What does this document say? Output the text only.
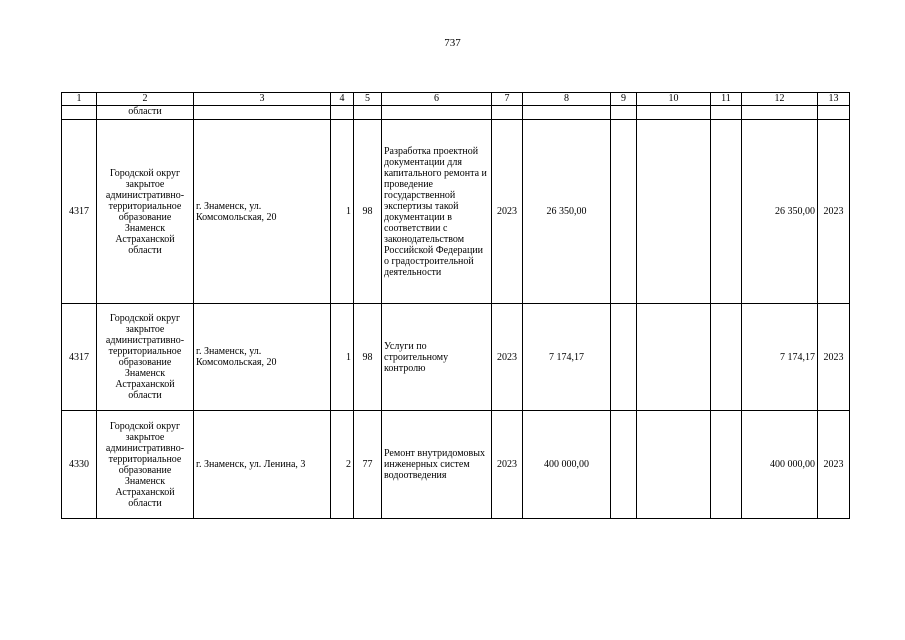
737
1	2	3	4	5	6	7	8	9	10	11	12	13
	области											
4317	Городской округ закрытое административно-территориальное образование Знаменск Астраханской области	г. Знаменск, ул. Комсомольская, 20	1	98	Разработка проектной документации для капитального ремонта и проведение государственной экспертизы такой документации в соответствии с законодательством Российской Федерации о градостроительной деятельности	2023	26 350,00				26 350,00	2023
4317	Городской округ закрытое административно-территориальное образование Знаменск Астраханской области	г. Знаменск, ул. Комсомольская, 20	1	98	Услуги по строительному контролю	2023	7 174,17				7 174,17	2023
4330	Городской округ закрытое административно-территориальное образование Знаменск Астраханской области	г. Знаменск, ул. Ленина, 3	2	77	Ремонт внутридомовых инженерных систем водоотведения	2023	400 000,00				400 000,00	2023
